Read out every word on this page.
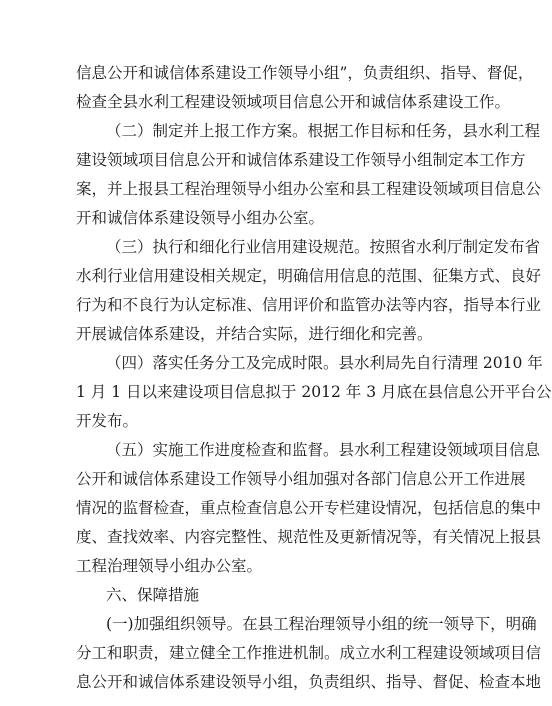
信息公开和诚信体系建设工作领导小组”，负责组织、指导、督促，
检查全县水利工程建设领域项目信息公开和诚信体系建设工作。
（二）制定并上报工作方案。根据工作目标和任务，县水利工程
建设领域项目信息公开和诚信体系建设工作领导小组制定本工作方
案，并上报县工程治理领导小组办公室和县工程建设领域项目信息公
开和诚信体系建设领导小组办公室。
（三）执行和细化行业信用建设规范。按照省水利厅制定发布省
水利行业信用建设相关规定，明确信用信息的范围、征集方式、良好
行为和不良行为认定标准、信用评价和监管办法等内容，指导本行业
开展诚信体系建设，并结合实际，进行细化和完善。
（四）落实任务分工及完成时限。县水利局先自行清理 2010 年
1 月 1 日以来建设项目信息拟于 2012 年 3 月底在县信息公开平台公
开发布。
（五）实施工作进度检查和监督。县水利工程建设领域项目信息
公开和诚信体系建设工作领导小组加强对各部门信息公开工作进展
情况的监督检查，重点检查信息公开专栏建设情况，包括信息的集中
度、查找效率、内容完整性、规范性及更新情况等，有关情况上报县
工程治理领导小组办公室。
六、保障措施
(一)加强组织领导。在县工程治理领导小组的统一领导下，明确
分工和职责，建立健全工作推进机制。成立水利工程建设领域项目信
息公开和诚信体系建设领导小组，负责组织、指导、督促、检查本地
